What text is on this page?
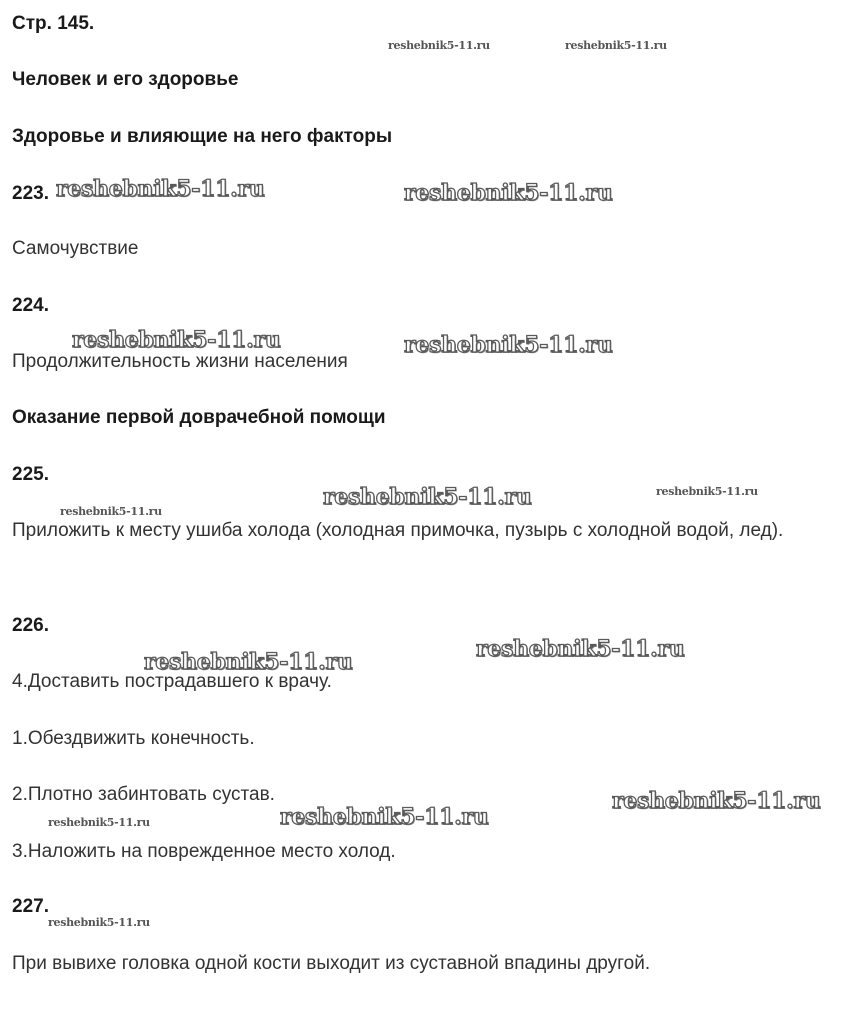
Стр. 145.
Человек и его здоровье
Здоровье и влияющие на него факторы
223.
Самочувствие
224.
Продолжительность жизни населения
Оказание первой доврачебной помощи
225.
Приложить к месту ушиба холода (холодная примочка, пузырь с холодной водой, лед).
226.
4.Доставить пострадавшего к врачу.
1.Обездвижить конечность.
2.Плотно забинтовать сустав.
3.Наложить на поврежденное место холод.
227.
При вывихе головка одной кости выходит из суставной впадины другой.
reshebnik5-11.ru	reshebnik5-11.ru
reshebnik5-11.ru	reshebnik5-11.ru
reshebnik5-11.ru	reshebnik5-11.ru
reshebnik5-11.ru
reshebnik5-11.ru	reshebnik5-11.ru
reshebnik5-11.ru
reshebnik5-11.ru
reshebnik5-11.ru
reshebnik5-11.ru
reshebnik5-11.ru
reshebnik5-11.ru
